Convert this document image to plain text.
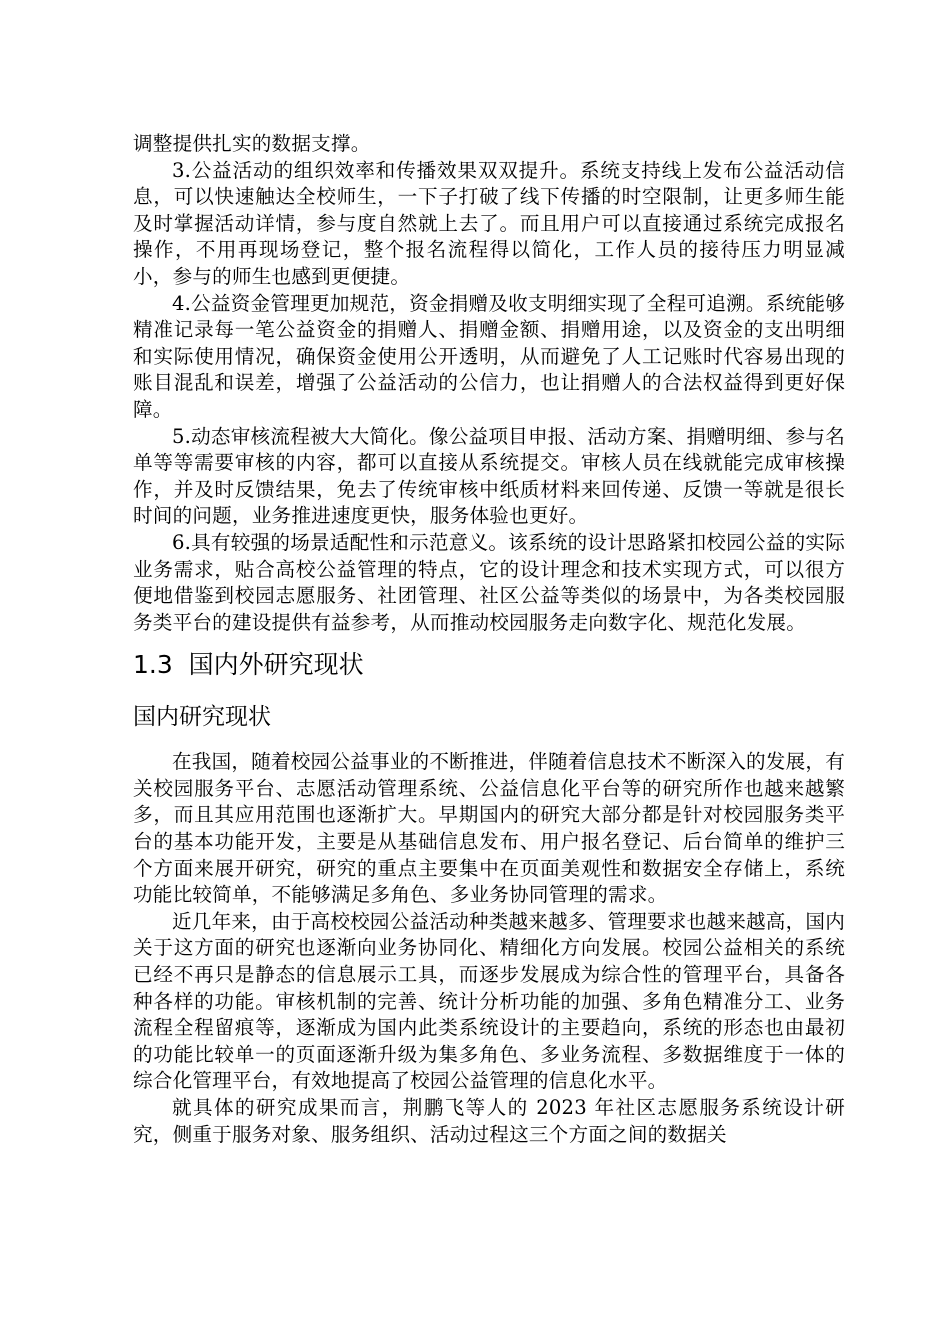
调整提供扎实的数据支撑。

3.公益活动的组织效率和传播效果双双提升。系统支持线上发布公益活动信息，可以快速触达全校师生，一下子打破了线下传播的时空限制，让更多师生能及时掌握活动详情，参与度自然就上去了。而且用户可以直接通过系统完成报名操作，不用再现场登记，整个报名流程得以简化，工作人员的接待压力明显减小，参与的师生也感到更便捷。

4.公益资金管理更加规范，资金捐赠及收支明细实现了全程可追溯。系统能够精准记录每一笔公益资金的捐赠人、捐赠金额、捐赠用途，以及资金的支出明细和实际使用情况，确保资金使用公开透明，从而避免了人工记账时代容易出现的账目混乱和误差，增强了公益活动的公信力，也让捐赠人的合法权益得到更好保障。

5.动态审核流程被大大简化。像公益项目申报、活动方案、捐赠明细、参与名单等等需要审核的内容，都可以直接从系统提交。审核人员在线就能完成审核操作，并及时反馈结果，免去了传统审核中纸质材料来回传递、反馈一等就是很长时间的问题，业务推进速度更快，服务体验也更好。

6.具有较强的场景适配性和示范意义。该系统的设计思路紧扣校园公益的实际业务需求，贴合高校公益管理的特点，它的设计理念和技术实现方式，可以很方便地借鉴到校园志愿服务、社团管理、社区公益等类似的场景中，为各类校园服务类平台的建设提供有益参考，从而推动校园服务走向数字化、规范化发展。

1.3  国内外研究现状
国内研究现状

在我国，随着校园公益事业的不断推进，伴随着信息技术不断深入的发展，有关校园服务平台、志愿活动管理系统、公益信息化平台等的研究所作也越来越繁多，而且其应用范围也逐渐扩大。早期国内的研究大部分都是针对校园服务类平台的基本功能开发，主要是从基础信息发布、用户报名登记、后台简单的维护三个方面来展开研究，研究的重点主要集中在页面美观性和数据安全存储上，系统功能比较简单，不能够满足多角色、多业务协同管理的需求。

近几年来，由于高校校园公益活动种类越来越多、管理要求也越来越高，国内关于这方面的研究也逐渐向业务协同化、精细化方向发展。校园公益相关的系统已经不再只是静态的信息展示工具，而逐步发展成为综合性的管理平台，具备各种各样的功能。审核机制的完善、统计分析功能的加强、多角色精准分工、业务流程全程留痕等，逐渐成为国内此类系统设计的主要趋向，系统的形态也由最初的功能比较单一的页面逐渐升级为集多角色、多业务流程、多数据维度于一体的综合化管理平台，有效地提高了校园公益管理的信息化水平。

就具体的研究成果而言，荆鹏飞等人的 2023 年社区志愿服务系统设计研究，侧重于服务对象、服务组织、活动过程这三个方面之间的数据关
